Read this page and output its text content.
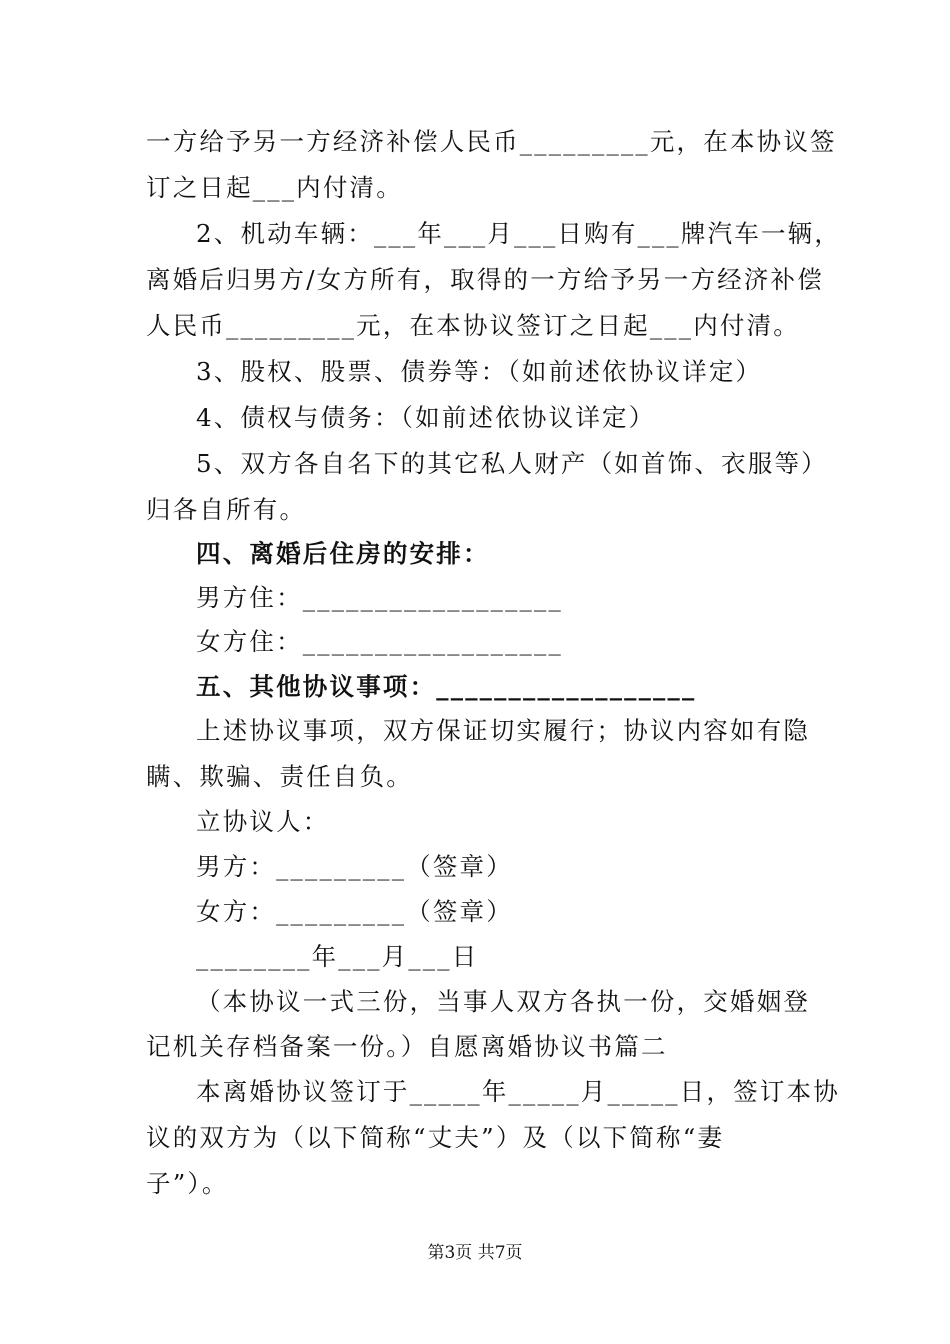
一方给予另一方经济补偿人民币_________元，在本协议签
订之日起___内付清。
2、机动车辆：___年___月___日购有___牌汽车一辆，
离婚后归男方/女方所有，取得的一方给予另一方经济补偿
人民币_________元，在本协议签订之日起___内付清。
3、股权、股票、债券等：（如前述依协议详定）
4、债权与债务：（如前述依协议详定）
5、双方各自名下的其它私人财产（如首饰、衣服等）
归各自所有。
四、离婚后住房的安排：
男方住：__________________
女方住：__________________
五、其他协议事项：__________________
上述协议事项，双方保证切实履行；协议内容如有隐
瞒、欺骗、责任自负。
立协议人：
男方：_________（签章）
女方：_________（签章）
________年___月___日
（本协议一式三份，当事人双方各执一份，交婚姻登
记机关存档备案一份。）自愿离婚协议书篇二
本离婚协议签订于_____年_____月_____日，签订本协
议的双方为（以下简称“丈夫”）及（以下简称“妻
子”）。
第3页 共7页
